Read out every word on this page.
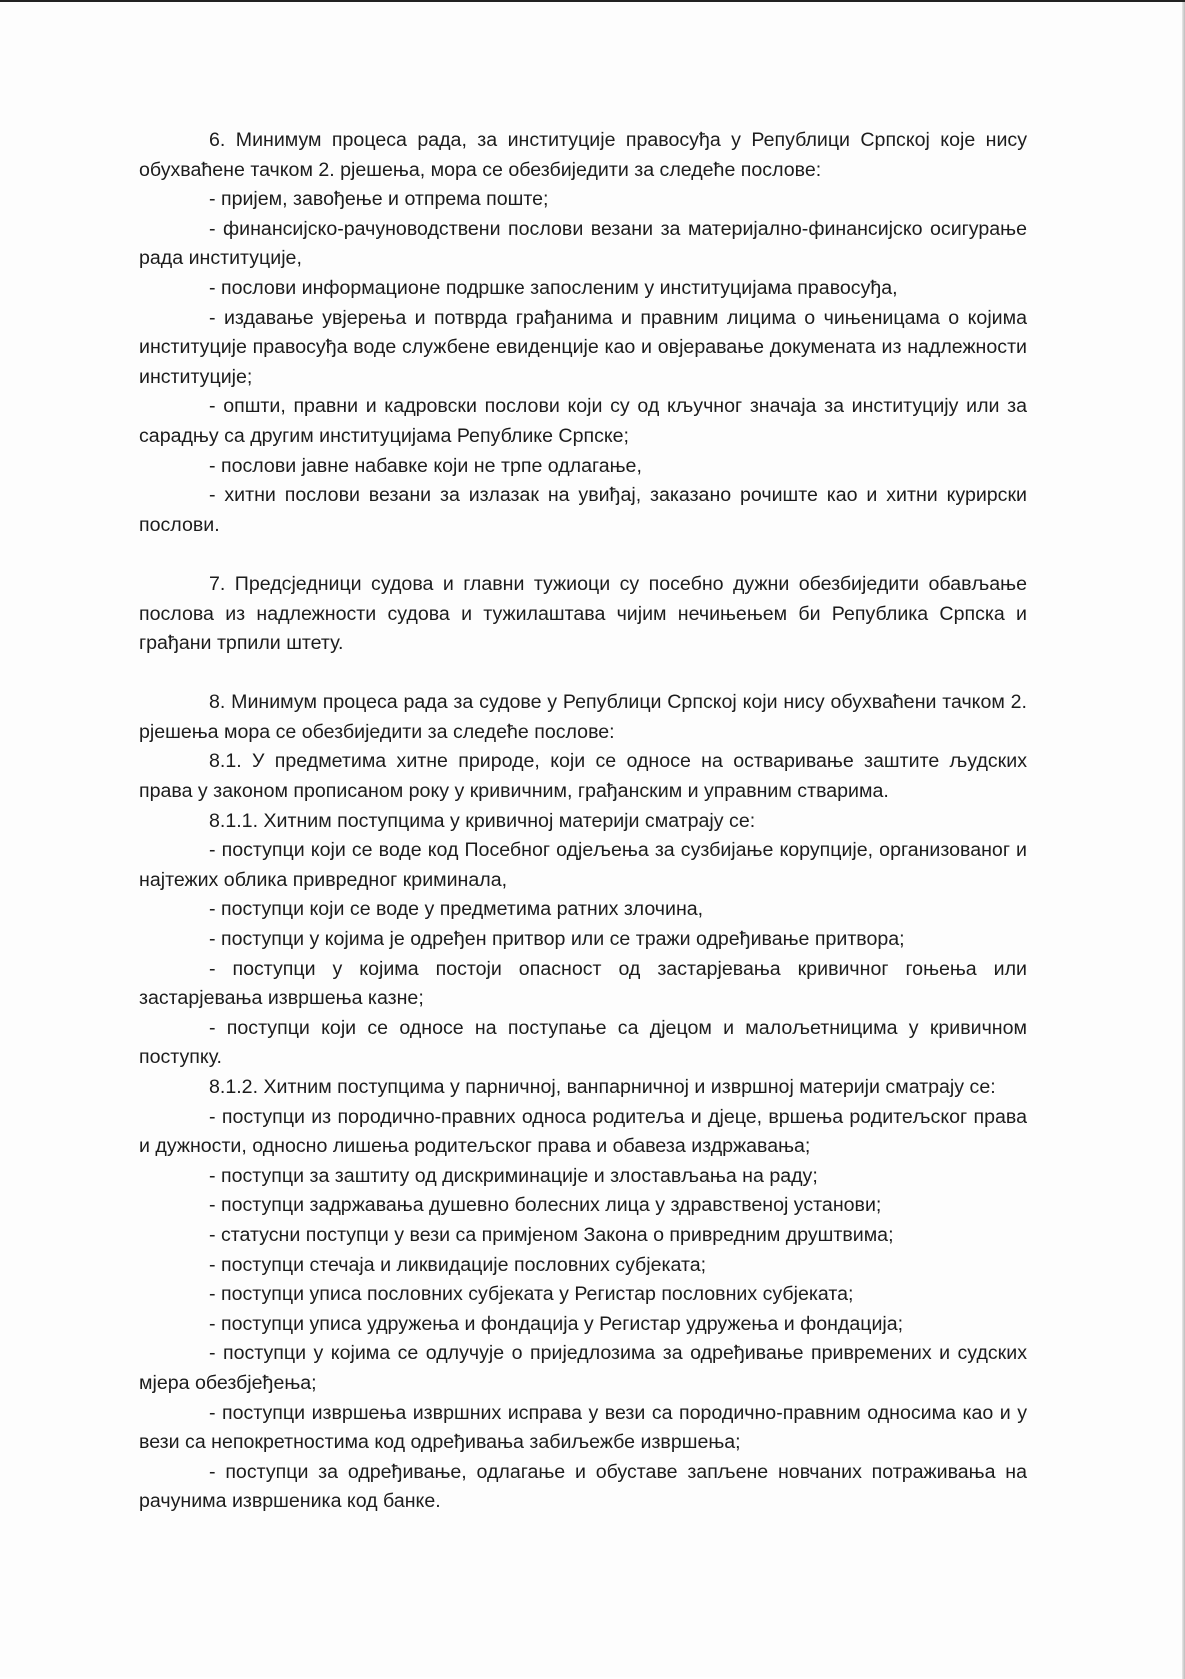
6. Минимум процеса рада, за институције правосуђа у Републици Српској које нису обухваћене тачком 2. рјешења, мора се обезбиједити за следеће послове:

- пријем, завођење и отпрема поште;

- финансијско-рачуноводствени послови везани за материјално-финансијско осигурање рада институције,

- послови информационе подршке запосленим у институцијама правосуђа,

- издавање увјерења и потврда грађанима и правним лицима о чињеницама о којима институције правосуђа воде службене евиденције као и овјеравање докумената из надлежности институције;

- општи, правни и кадровски послови који су од кључног значаја за институцију или за сарадњу са другим институцијама Републике Српске;

- послови јавне набавке који не трпе одлагање,

- хитни послови везани за излазак на увиђај, заказано рочиште као и хитни курирски послови.

7. Предсједници судова и главни тужиоци су посебно дужни обезбиједити обављање послова из надлежности судова и тужилаштава чијим нечињењем би Република Српска и грађани трпили штету.

8. Минимум процеса рада за судове у Републици Српској који нису обухваћени тачком 2. рјешења мора се обезбиједити за следеће послове:

8.1. У предметима хитне природе, који се односе на остваривање заштите људских права у законом прописаном року у кривичним, грађанским и управним стварима.

8.1.1. Хитним поступцима у кривичној материји сматрају се:

- поступци који се воде код Посебног одјељења за сузбијање корупције, организованог и најтежих облика привредног криминала,

- поступци који се воде у предметима ратних злочина,

- поступци у којима је одређен притвор или се тражи одређивање притвора;

- поступци у којима постоји опасност од застарјевања кривичног гоњења или застарјевања извршења казне;

- поступци који се односе на поступање са дјецом и малољетницима у кривичном поступку.

8.1.2. Хитним поступцима у парничној, ванпарничној и извршној материји сматрају се:

- поступци из породично-правних односа родитеља и дјеце, вршења родитељског права и дужности, односно лишења родитељског права и обавеза издржавања;

- поступци за заштиту од дискриминације и злостављања на раду;

- поступци задржавања душевно болесних лица у здравственој установи;

- статусни поступци у вези са примјеном Закона о привредним друштвима;

- поступци стечаја и ликвидације пословних субјеката;

- поступци уписа пословних субјеката у Регистар пословних субјеката;

- поступци уписа удружења и фондација у Регистар удружења и фондација;

- поступци у којима се одлучује о приједлозима за одређивање привремених и судских мјера обезбјеђења;

- поступци извршења извршних исправа у вези са породично-правним односима као и у вези са непокретностима код одређивања забиљежбе извршења;

- поступци за одређивање, одлагање и обуставе запљене новчаних потраживања на рачунима извршеника код банке.
